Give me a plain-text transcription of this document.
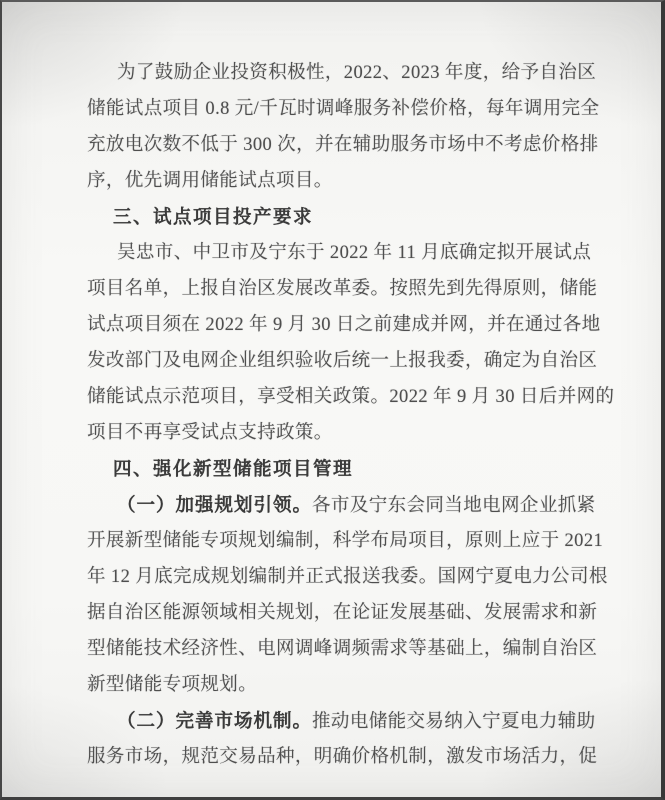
为了鼓励企业投资积极性，2022、2023 年度，给予自治区
储能试点项目 0.8 元/千瓦时调峰服务补偿价格，每年调用完全
充放电次数不低于 300 次，并在辅助服务市场中不考虑价格排
序，优先调用储能试点项目。
三、试点项目投产要求
吴忠市、中卫市及宁东于 2022 年 11 月底确定拟开展试点
项目名单，上报自治区发展改革委。按照先到先得原则，储能
试点项目须在 2022 年 9 月 30 日之前建成并网，并在通过各地
发改部门及电网企业组织验收后统一上报我委，确定为自治区
储能试点示范项目，享受相关政策。2022 年 9 月 30 日后并网的
项目不再享受试点支持政策。
四、强化新型储能项目管理
（一）加强规划引领。各市及宁东会同当地电网企业抓紧
开展新型储能专项规划编制，科学布局项目，原则上应于 2021
年 12 月底完成规划编制并正式报送我委。国网宁夏电力公司根
据自治区能源领域相关规划，在论证发展基础、发展需求和新
型储能技术经济性、电网调峰调频需求等基础上，编制自治区
新型储能专项规划。
（二）完善市场机制。推动电储能交易纳入宁夏电力辅助
服务市场，规范交易品种，明确价格机制，激发市场活力，促
